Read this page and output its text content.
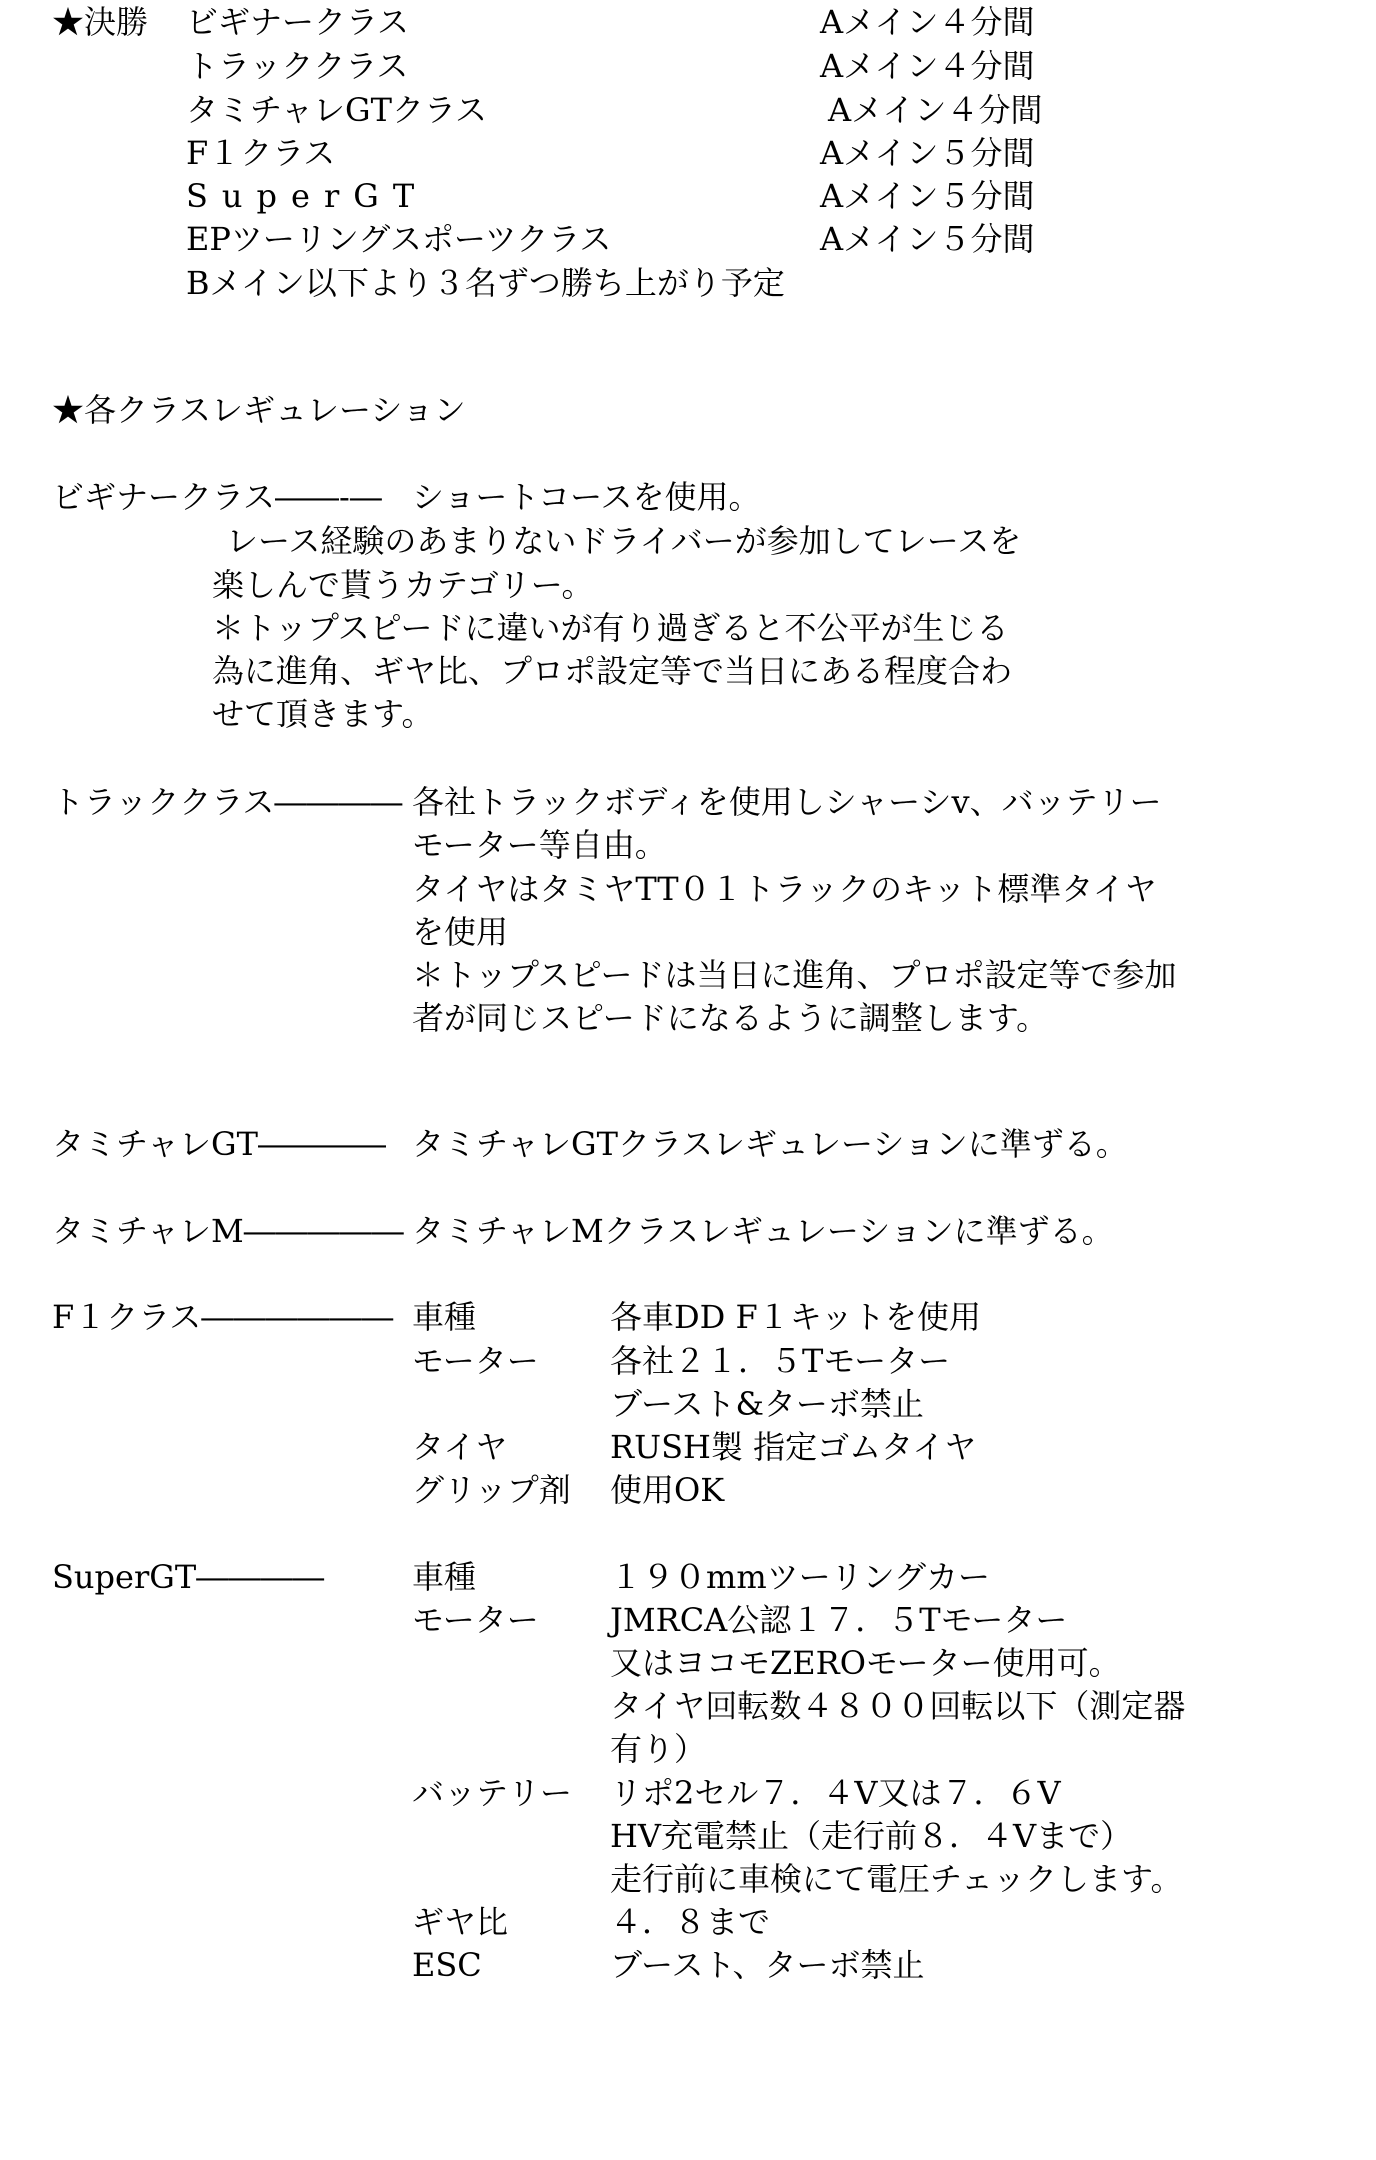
★決勝 ビギナークラス	Aメイン４分間
トラッククラス	Aメイン４分間
タミチャレGTクラス	Aメイン４分間
F１クラス	Aメイン５分間
SuperGT	Aメイン５分間
EPツーリングスポーツクラス	Aメイン５分間
Bメイン以下より３名ずつ勝ち上がり予定
★各クラスレギュレーション
ビギナークラス――-― ショートコースを使用。
レース経験のあまりないドライバーが参加してレースを
楽しんで貰うカテゴリー。
＊トップスピードに違いが有り過ぎると不公平が生じる
為に進角、ギヤ比、プロポ設定等で当日にある程度合わ
せて頂きます。
トラッククラス―――― 各社トラックボディを使用しシャーシv、バッテリー
モーター等自由。
タイヤはタミヤTT０１トラックのキット標準タイヤ
を使用
＊トップスピードは当日に進角、プロポ設定等で参加
者が同じスピードになるように調整します。
タミチャレGT―――― タミチャレGTクラスレギュレーションに準ずる。
タミチャレM――――― タミチャレMクラスレギュレーションに準ずる。
F１クラス―――――― 車種	各車DD F１キットを使用
モーター 各社２１．５Tモーター
ブースト&ターボ禁止
タイヤ	RUSH製 指定ゴムタイヤ
グリップ剤 使用OK
SuperGT――――	車種	１９０mmツーリングカー
モーター JMRCA公認１７．５Tモーター
又はヨコモZEROモーター使用可。
タイヤ回転数４８００回転以下（測定器
有り）
バッテリー リポ2セル７．４V又は７．６V
HV充電禁止（走行前８．４Vまで）
走行前に車検にて電圧チェックします。
ギヤ比	４．８まで
ESC	ブースト、ターボ禁止
